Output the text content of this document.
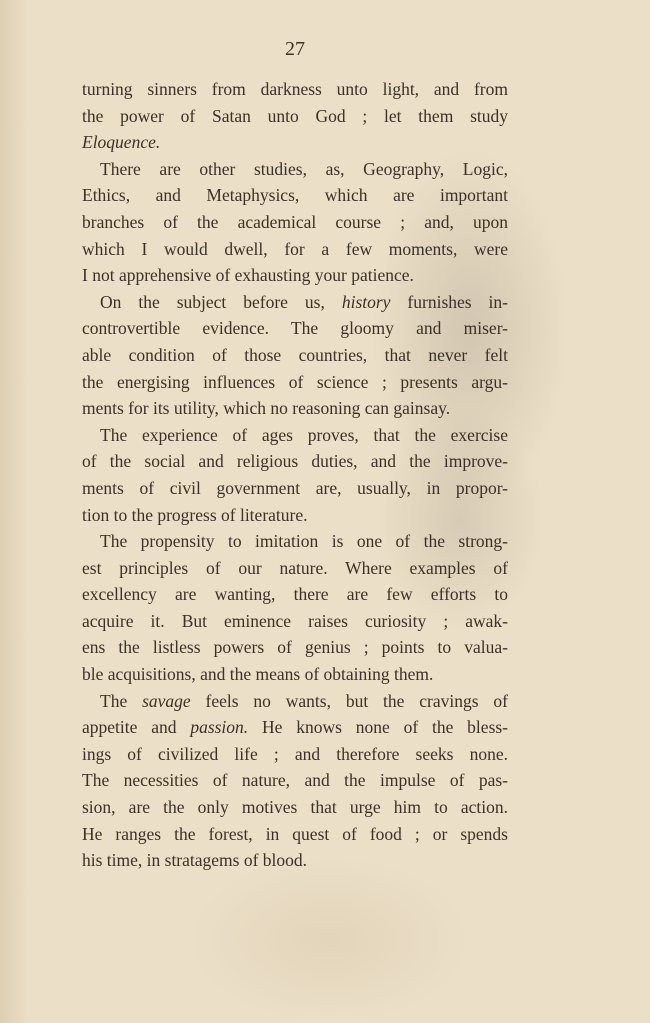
27
turning sinners from darkness unto light, and from
the power of Satan unto God ; let them study
Eloquence.
There are other studies, as, Geography, Logic,
Ethics, and Metaphysics, which are important
branches of the academical course ; and, upon
which I would dwell, for a few moments, were
I not apprehensive of exhausting your patience.
On the subject before us, history furnishes in-
controvertible evidence. The gloomy and miser-
able condition of those countries, that never felt
the energising influences of science ; presents argu-
ments for its utility, which no reasoning can gainsay.
The experience of ages proves, that the exercise
of the social and religious duties, and the improve-
ments of civil government are, usually, in propor-
tion to the progress of literature.
The propensity to imitation is one of the strong-
est principles of our nature. Where examples of
excellency are wanting, there are few efforts to
acquire it. But eminence raises curiosity ; awak-
ens the listless powers of genius ; points to valua-
ble acquisitions, and the means of obtaining them.
The savage feels no wants, but the cravings of
appetite and passion. He knows none of the bless-
ings of civilized life ; and therefore seeks none.
The necessities of nature, and the impulse of pas-
sion, are the only motives that urge him to action.
He ranges the forest, in quest of food ; or spends
his time, in stratagems of blood.
